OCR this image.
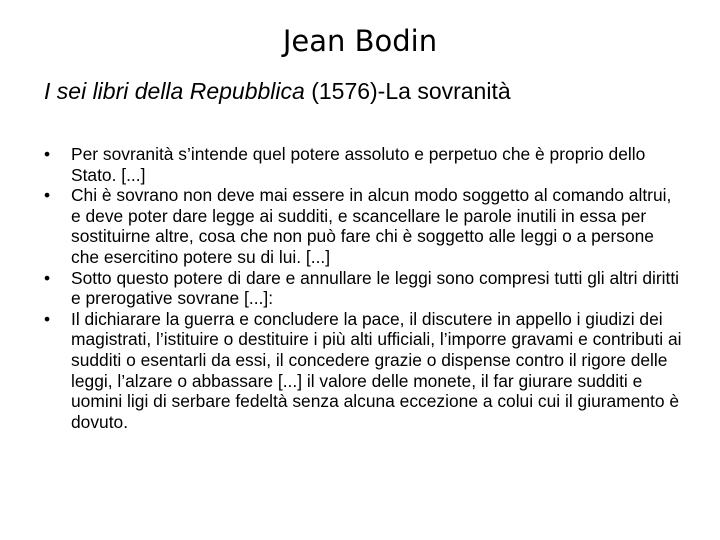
Jean Bodin

I sei libri della Repubblica (1576)-La sovranità

•	Per sovranità s’intende quel potere assoluto e perpetuo che è proprio dello Stato. [...]
•	Chi è sovrano non deve mai essere in alcun modo soggetto al comando altrui, e deve poter dare legge ai sudditi, e scancellare le parole inutili in essa per sostituirne altre, cosa che non può fare chi è soggetto alle leggi o a persone che esercitino potere su di lui. [...]
•	Sotto questo potere di dare e annullare le leggi sono compresi tutti gli altri diritti e prerogative sovrane [...]:
•	Il dichiarare la guerra e concludere la pace, il discutere in appello i giudizi dei magistrati, l’istituire o destituire i più alti ufficiali, l’imporre gravami e contributi ai sudditi o esentarli da essi, il concedere grazie o dispense contro il rigore delle leggi, l’alzare o abbassare [...] il valore delle monete, il far giurare sudditi e uomini ligi di serbare fedeltà senza alcuna eccezione a colui cui il giuramento è dovuto.
